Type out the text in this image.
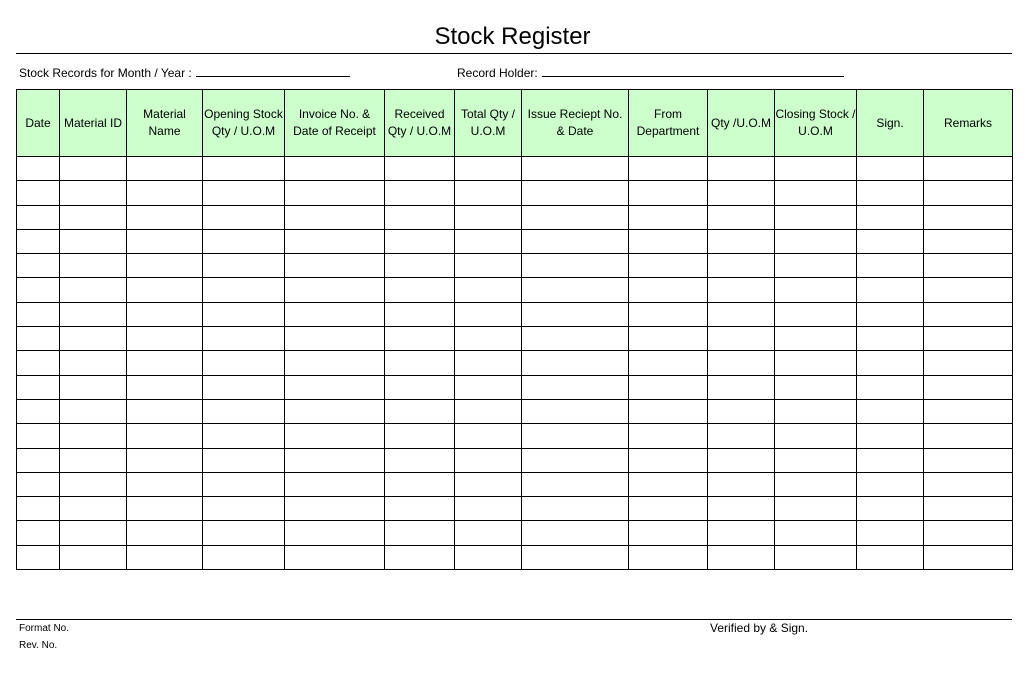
Stock Register
Stock Records for Month / Year :	Record Holder:
Date	Material ID	Material Name	Opening Stock Qty / U.O.M	Invoice No. & Date of Receipt	Received Qty / U.O.M	Total Qty / U.O.M	Issue Reciept No. & Date	From Department	Qty /U.O.M	Closing Stock / U.O.M	Sign.	Remarks

Format No.
Rev. No.
Verified by & Sign.
